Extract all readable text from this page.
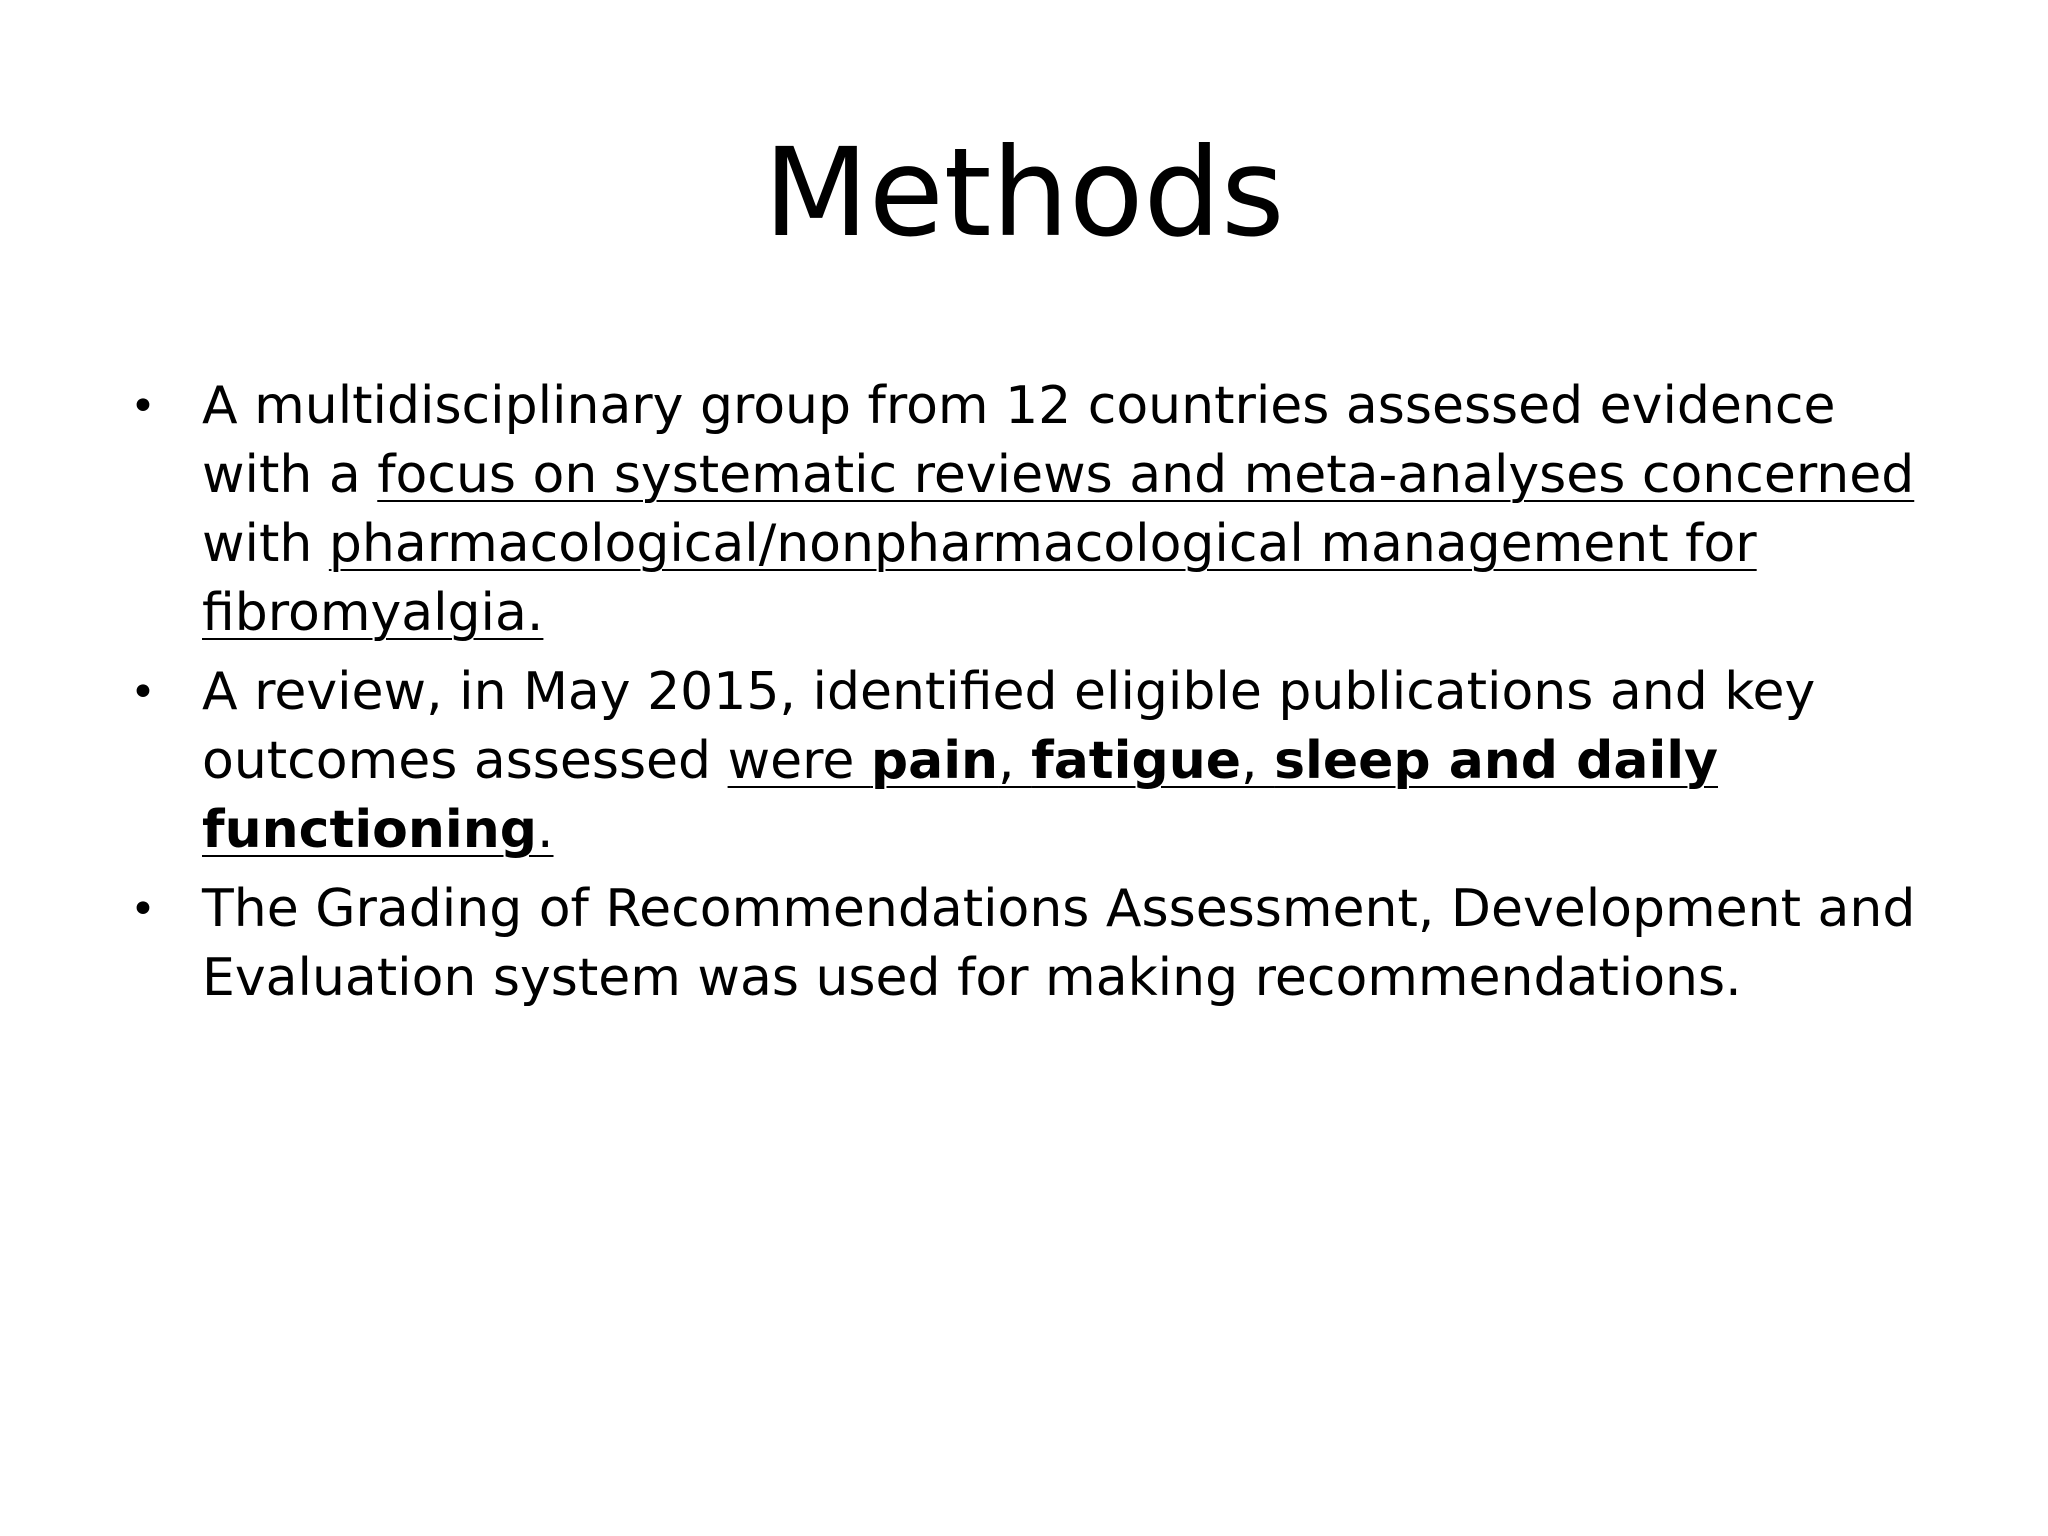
Methods
• A multidisciplinary group from 12 countries assessed evidence with a focus on systematic reviews and meta-analyses concerned with pharmacological/nonpharmacological management for fibromyalgia.
• A review, in May 2015, identified eligible publications and key outcomes assessed were pain, fatigue, sleep and daily functioning.
• The Grading of Recommendations Assessment, Development and Evaluation system was used for making recommendations.
